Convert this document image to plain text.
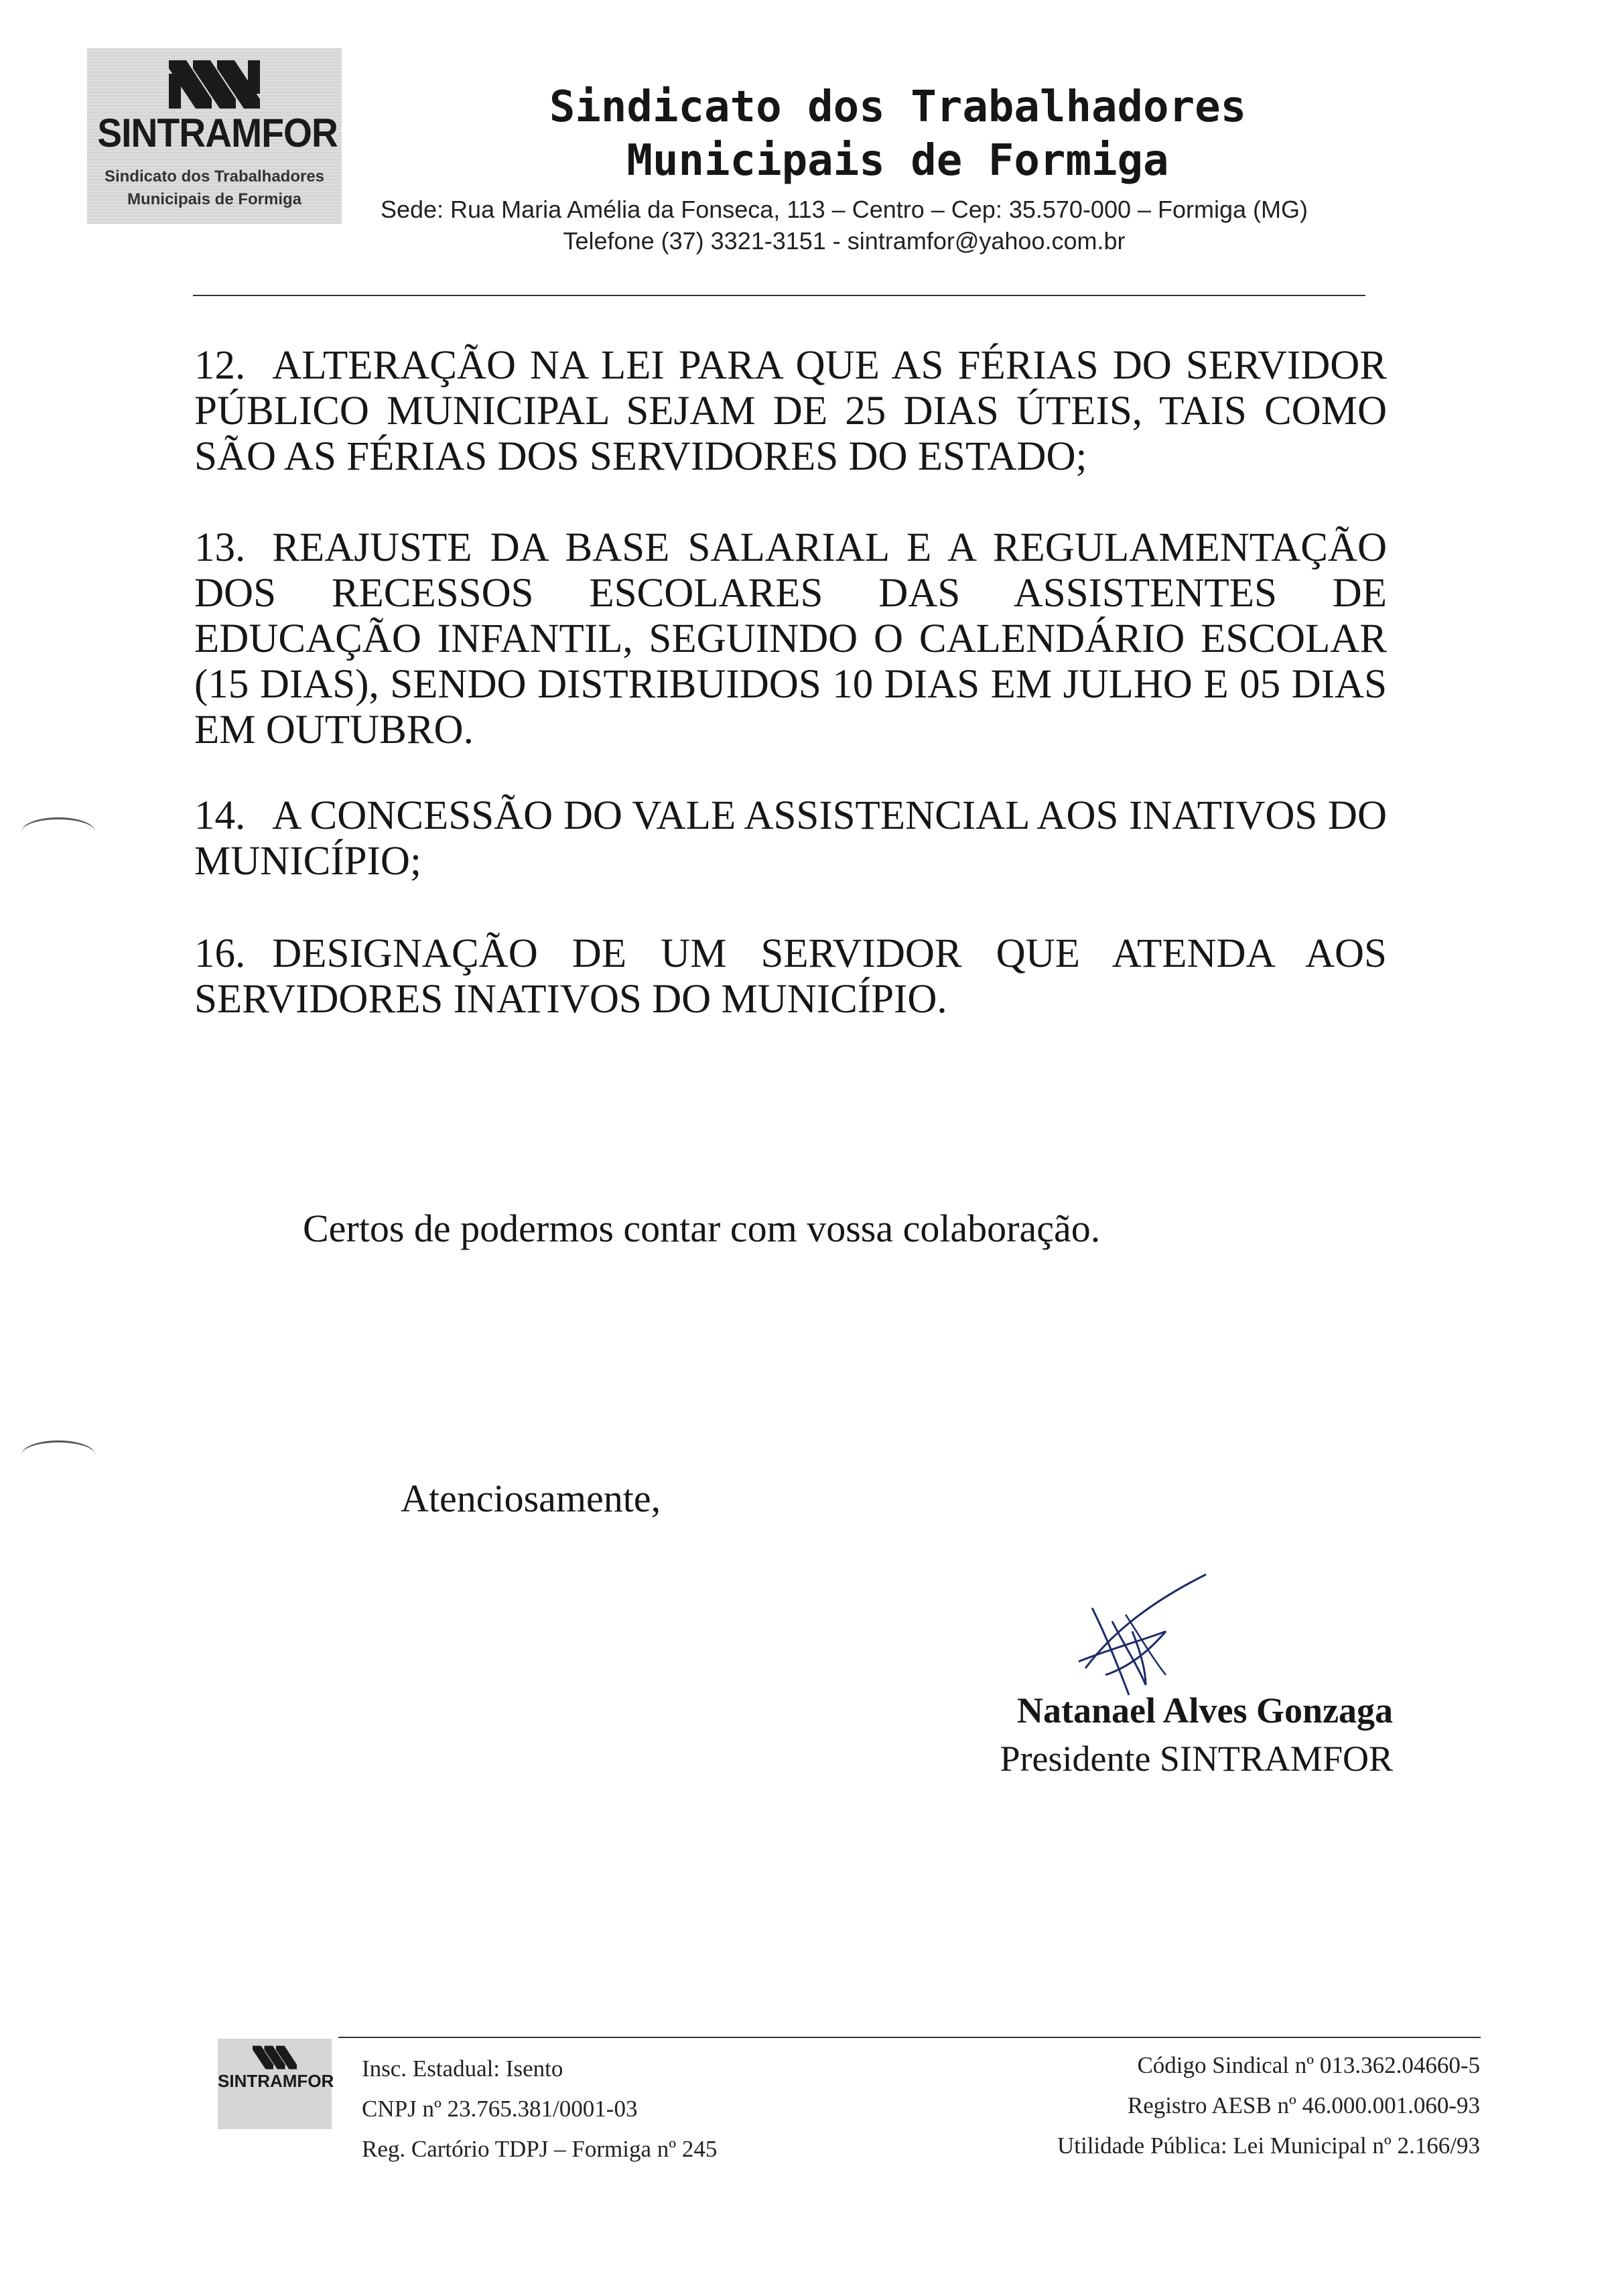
SINTRAMFOR
Sindicato dos Trabalhadores
Municipais de Formiga
Sindicato dos Trabalhadores
Municipais de Formiga
Sede: Rua Maria Amélia da Fonseca, 113 – Centro – Cep: 35.570-000 – Formiga (MG)
Telefone (37) 3321-3151 - sintramfor@yahoo.com.br
12. ALTERAÇÃO NA LEI PARA QUE AS FÉRIAS DO SERVIDOR PÚBLICO MUNICIPAL SEJAM DE 25 DIAS ÚTEIS, TAIS COMO SÃO AS FÉRIAS DOS SERVIDORES DO ESTADO;
13. REAJUSTE DA BASE SALARIAL E A REGULAMENTAÇÃO DOS RECESSOS ESCOLARES DAS ASSISTENTES DE EDUCAÇÃO INFANTIL, SEGUINDO O CALENDÁRIO ESCOLAR (15 DIAS), SENDO DISTRIBUIDOS 10 DIAS EM JULHO E 05 DIAS EM OUTUBRO.
14. A CONCESSÃO DO VALE ASSISTENCIAL AOS INATIVOS DO MUNICÍPIO;
16. DESIGNAÇÃO DE UM SERVIDOR QUE ATENDA AOS SERVIDORES INATIVOS DO MUNICÍPIO.
Certos de podermos contar com vossa colaboração.
Atenciosamente,
Natanael Alves Gonzaga
Presidente SINTRAMFOR
SINTRAMFOR Insc. Estadual: Isento
CNPJ nº 23.765.381/0001-03
Reg. Cartório TDPJ – Formiga nº 245
Código Sindical nº 013.362.04660-5
Registro AESB nº 46.000.001.060-93
Utilidade Pública: Lei Municipal nº 2.166/93
